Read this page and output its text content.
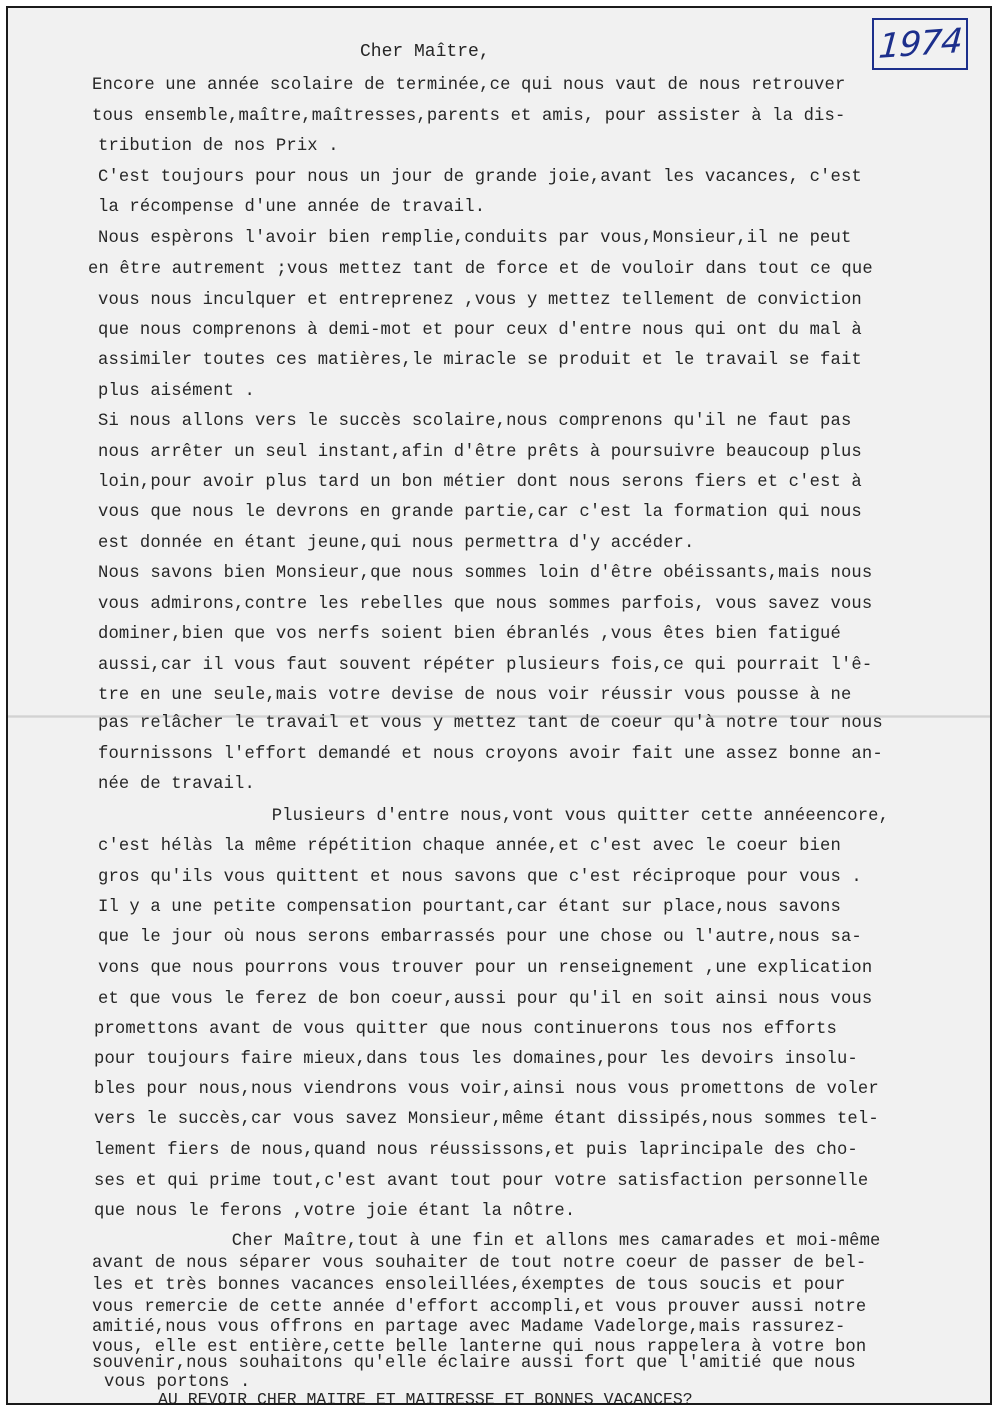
1974

Cher Maître,

Encore une année scolaire de terminée,ce qui nous vaut de nous retrouver

tous ensemble,maître,maîtresses,parents et amis, pour assister à la dis-

tribution de nos Prix .

C'est toujours pour nous un jour de grande joie,avant les vacances, c'est

la récompense d'une année de travail.

Nous espèrons l'avoir bien remplie,conduits par vous,Monsieur,il ne peut

en être autrement ;vous mettez tant de force et de vouloir dans tout ce que

vous nous inculquer et entreprenez ,vous y mettez tellement de conviction

que nous comprenons à demi-mot et pour ceux d'entre nous qui ont du mal à

assimiler toutes ces matières,le miracle se produit et le travail se fait

plus aisément .

Si nous allons vers le succès scolaire,nous comprenons qu'il ne faut pas

nous arrêter un seul instant,afin d'être prêts à poursuivre beaucoup plus

loin,pour avoir plus tard un bon métier dont nous serons fiers et c'est à

vous que nous le devrons en grande partie,car c'est la formation qui nous

est donnée en étant jeune,qui nous permettra d'y accéder.

Nous savons bien Monsieur,que nous sommes loin d'être obéissants,mais nous

vous admirons,contre les rebelles que nous sommes parfois, vous savez vous

dominer,bien que vos nerfs soient bien ébranlés ,vous êtes bien fatigué

aussi,car il vous faut souvent répéter plusieurs fois,ce qui pourrait l'ê-

tre en une seule,mais votre devise de nous voir réussir vous pousse à ne

pas relâcher le travail et vous y mettez tant de coeur qu'à notre tour nous

fournissons l'effort demandé et nous croyons avoir fait une assez bonne an-

née de travail.

Plusieurs d'entre nous,vont vous quitter cette annéeencore,

c'est hélàs la même répétition chaque année,et c'est avec le coeur bien

gros qu'ils vous quittent et nous savons que c'est réciproque pour vous .

Il y a une petite compensation pourtant,car étant sur place,nous savons

que le jour où nous serons embarrassés pour une chose ou l'autre,nous sa-

vons que nous pourrons vous trouver pour un renseignement ,une explication

et que vous le ferez de bon coeur,aussi pour qu'il en soit ainsi nous vous

promettons avant de vous quitter que nous continuerons tous nos efforts

pour toujours faire mieux,dans tous les domaines,pour les devoirs insolu-

bles pour nous,nous viendrons vous voir,ainsi nous vous promettons de voler

vers le succès,car vous savez Monsieur,même étant dissipés,nous sommes tel-

lement fiers de nous,quand nous réussissons,et puis laprincipale des cho-

ses et qui prime tout,c'est avant tout pour votre satisfaction personnelle

que nous le ferons ,votre joie étant la nôtre.

Cher Maître,tout à une fin et allons mes camarades et moi-même

avant de nous séparer vous souhaiter de tout notre coeur de passer de bel-

les et très bonnes vacances ensoleillées,éxemptes de tous soucis et pour

vous remercie de cette année d'effort accompli,et vous prouver aussi notre

amitié,nous vous offrons en partage avec Madame Vadelorge,mais rassurez-

vous, elle est entière,cette belle lanterne qui nous rappelera à votre bon

souvenir,nous souhaitons qu'elle éclaire aussi fort que l'amitié que nous

vous portons .

AU REVOIR CHER MAITRE ET MAITRESSE ET BONNES VACANCES?
